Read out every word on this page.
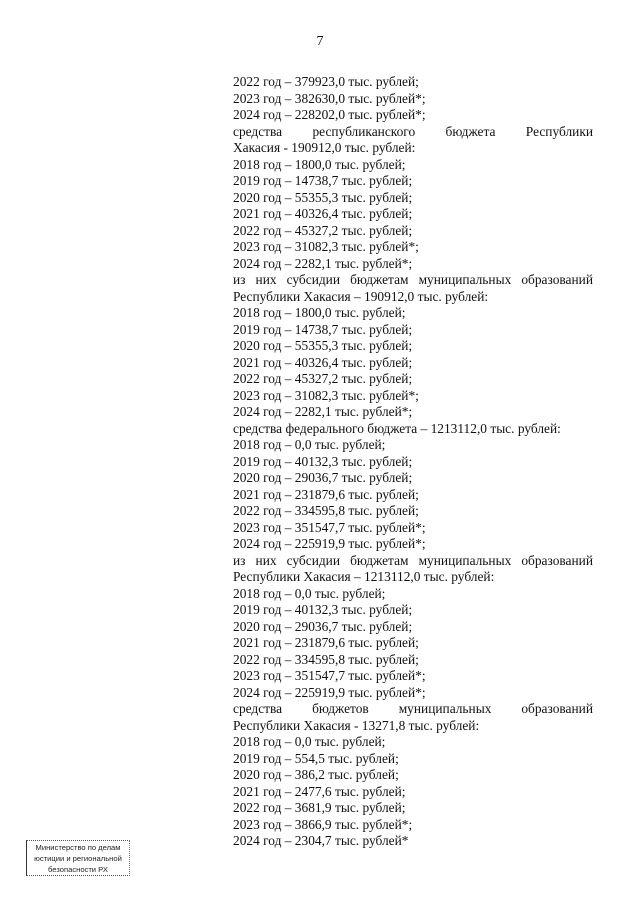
7
2022 год – 379923,0 тыс. рублей;
2023 год – 382630,0 тыс. рублей*;
2024 год – 228202,0 тыс. рублей*;
средства республиканского бюджета Республики
Хакасия - 190912,0 тыс. рублей:
2018 год – 1800,0 тыс. рублей;
2019 год – 14738,7 тыс. рублей;
2020 год – 55355,3 тыс. рублей;
2021 год – 40326,4 тыс. рублей;
2022 год – 45327,2 тыс. рублей;
2023 год – 31082,3 тыс. рублей*;
2024 год – 2282,1 тыс. рублей*;
из них субсидии бюджетам муниципальных образований
Республики Хакасия – 190912,0 тыс. рублей:
2018 год – 1800,0 тыс. рублей;
2019 год – 14738,7 тыс. рублей;
2020 год – 55355,3 тыс. рублей;
2021 год – 40326,4 тыс. рублей;
2022 год – 45327,2 тыс. рублей;
2023 год – 31082,3 тыс. рублей*;
2024 год – 2282,1 тыс. рублей*;
средства федерального бюджета – 1213112,0 тыс. рублей:
2018 год – 0,0 тыс. рублей;
2019 год – 40132,3 тыс. рублей;
2020 год – 29036,7 тыс. рублей;
2021 год – 231879,6 тыс. рублей;
2022 год – 334595,8 тыс. рублей;
2023 год – 351547,7 тыс. рублей*;
2024 год – 225919,9 тыс. рублей*;
из них субсидии бюджетам муниципальных образований
Республики Хакасия – 1213112,0 тыс. рублей:
2018 год – 0,0 тыс. рублей;
2019 год – 40132,3 тыс. рублей;
2020 год – 29036,7 тыс. рублей;
2021 год – 231879,6 тыс. рублей;
2022 год – 334595,8 тыс. рублей;
2023 год – 351547,7 тыс. рублей*;
2024 год – 225919,9 тыс. рублей*;
средства бюджетов муниципальных образований
Республики Хакасия - 13271,8 тыс. рублей:
2018 год – 0,0 тыс. рублей;
2019 год – 554,5 тыс. рублей;
2020 год – 386,2 тыс. рублей;
2021 год – 2477,6 тыс. рублей;
2022 год – 3681,9 тыс. рублей;
2023 год – 3866,9 тыс. рублей*;
2024 год – 2304,7 тыс. рублей*
Министерство по делам
юстиции и региональной
безопасности РХ
